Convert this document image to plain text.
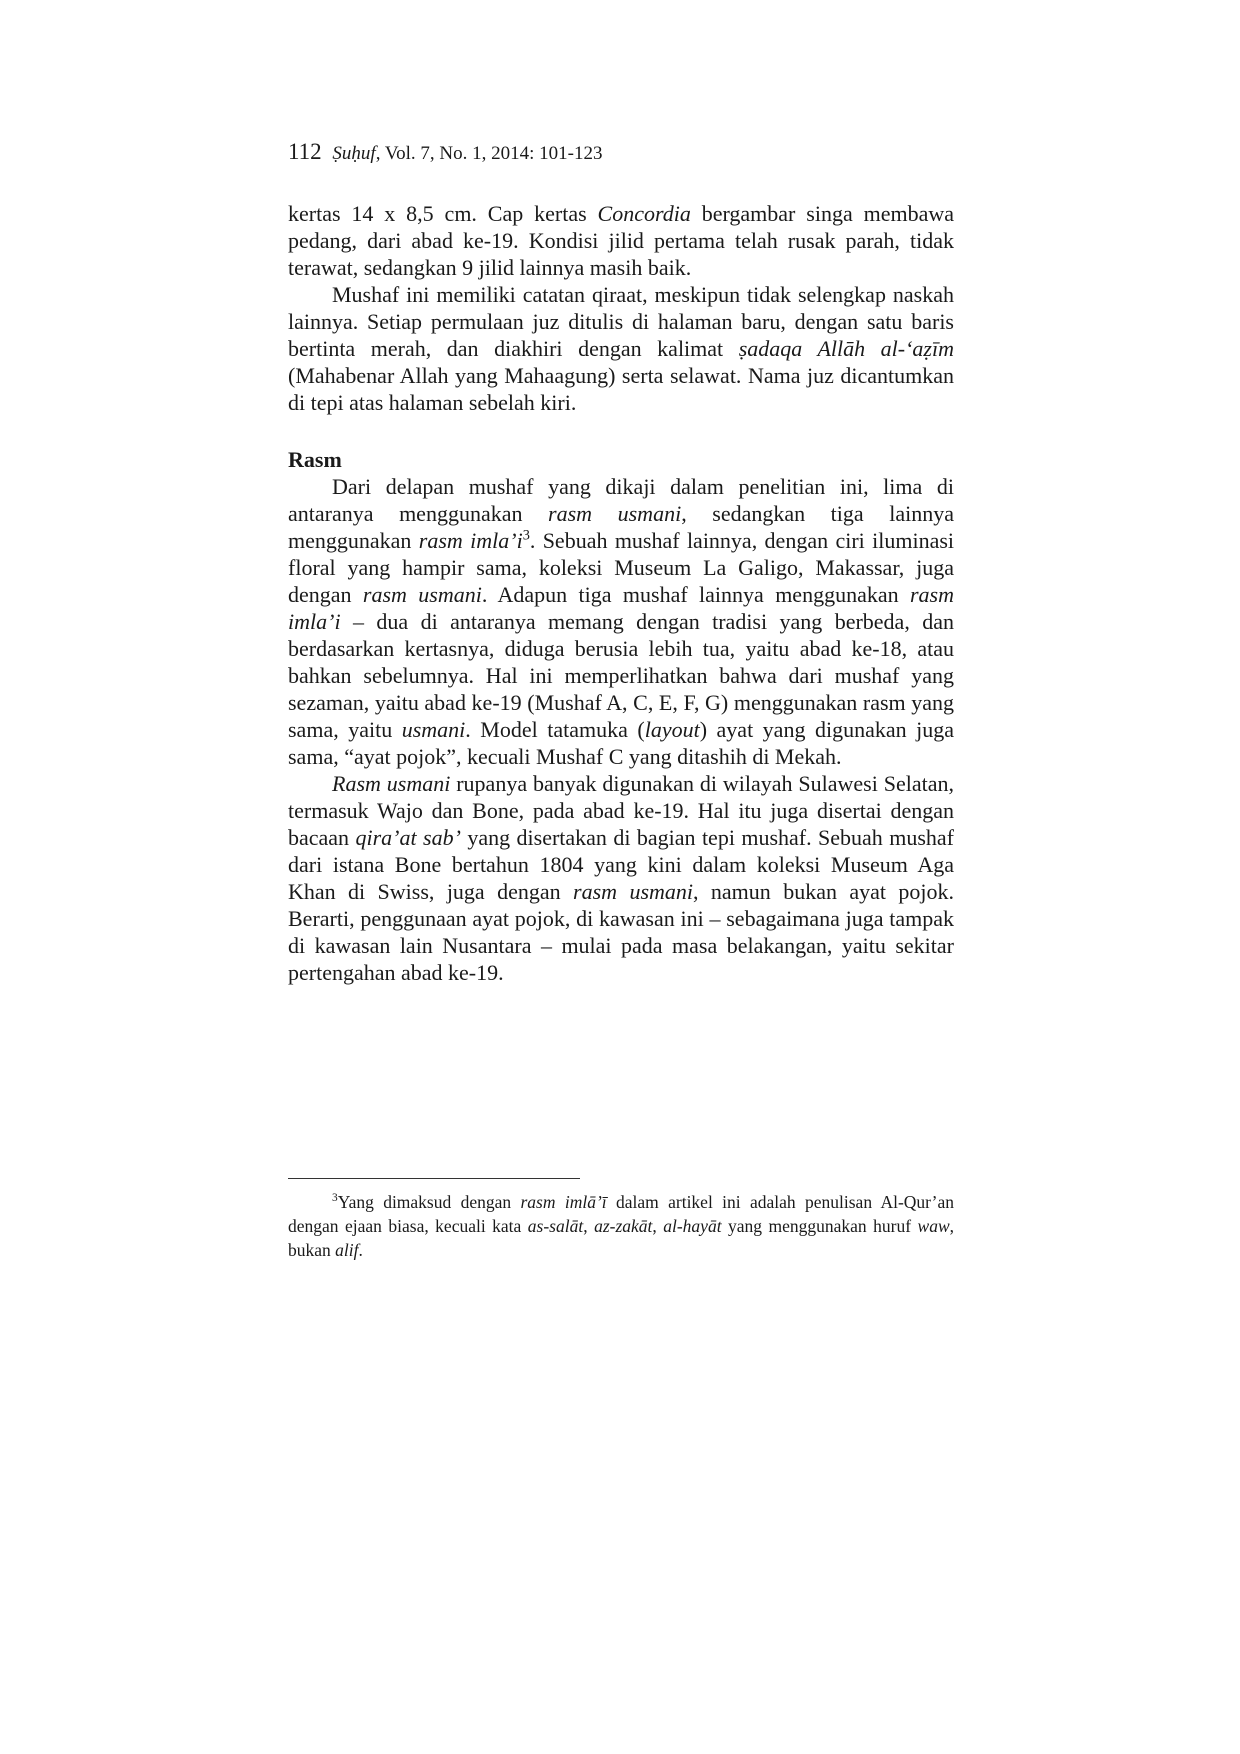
112 Ṣuḥuf, Vol. 7, No. 1, 2014: 101-123

kertas 14 x 8,5 cm. Cap kertas Concordia bergambar singa membawa pedang, dari abad ke-19. Kondisi jilid pertama telah rusak parah, tidak terawat, sedangkan 9 jilid lainnya masih baik.

Mushaf ini memiliki catatan qiraat, meskipun tidak selengkap naskah lainnya. Setiap permulaan juz ditulis di halaman baru, dengan satu baris bertinta merah, dan diakhiri dengan kalimat ṣadaqa Allāh al-‘aẓīm (Mahabenar Allah yang Mahaagung) serta selawat. Nama juz dicantumkan di tepi atas halaman sebelah kiri.

Rasm

Dari delapan mushaf yang dikaji dalam penelitian ini, lima di antaranya menggunakan rasm usmani, sedangkan tiga lainnya menggunakan rasm $imla’i^3$. Sebuah mushaf lainnya, dengan ciri iluminasi floral yang hampir sama, koleksi Museum La Galigo, Makassar, juga dengan rasm usmani. Adapun tiga mushaf lainnya menggunakan rasm imla’i – dua di antaranya memang dengan tradisi yang berbeda, dan berdasarkan kertasnya, diduga berusia lebih tua, yaitu abad ke-18, atau bahkan sebelumnya. Hal ini memperlihatkan bahwa dari mushaf yang sezaman, yaitu abad ke-19 (Mushaf A, C, E, F, G) menggunakan rasm yang sama, yaitu usmani. Model tatamuka (layout) ayat yang digunakan juga sama, “ayat pojok”, kecuali Mushaf C yang ditashih di Mekah.

Rasm usmani rupanya banyak digunakan di wilayah Sulawesi Selatan, termasuk Wajo dan Bone, pada abad ke-19. Hal itu juga disertai dengan bacaan qira’at sab’ yang disertakan di bagian tepi mushaf. Sebuah mushaf dari istana Bone bertahun 1804 yang kini dalam koleksi Museum Aga Khan di Swiss, juga dengan rasm usmani, namun bukan ayat pojok. Berarti, penggunaan ayat pojok, di kawasan ini – sebagaimana juga tampak di kawasan lain Nusantara – mulai pada masa belakangan, yaitu sekitar pertengahan abad ke-19.

$^3$Yang dimaksud dengan rasm imlā’ī dalam artikel ini adalah penulisan Al-Qur’an dengan ejaan biasa, kecuali kata as-salāt, az-zakāt, al-hayāt yang menggunakan huruf waw, bukan alif.
